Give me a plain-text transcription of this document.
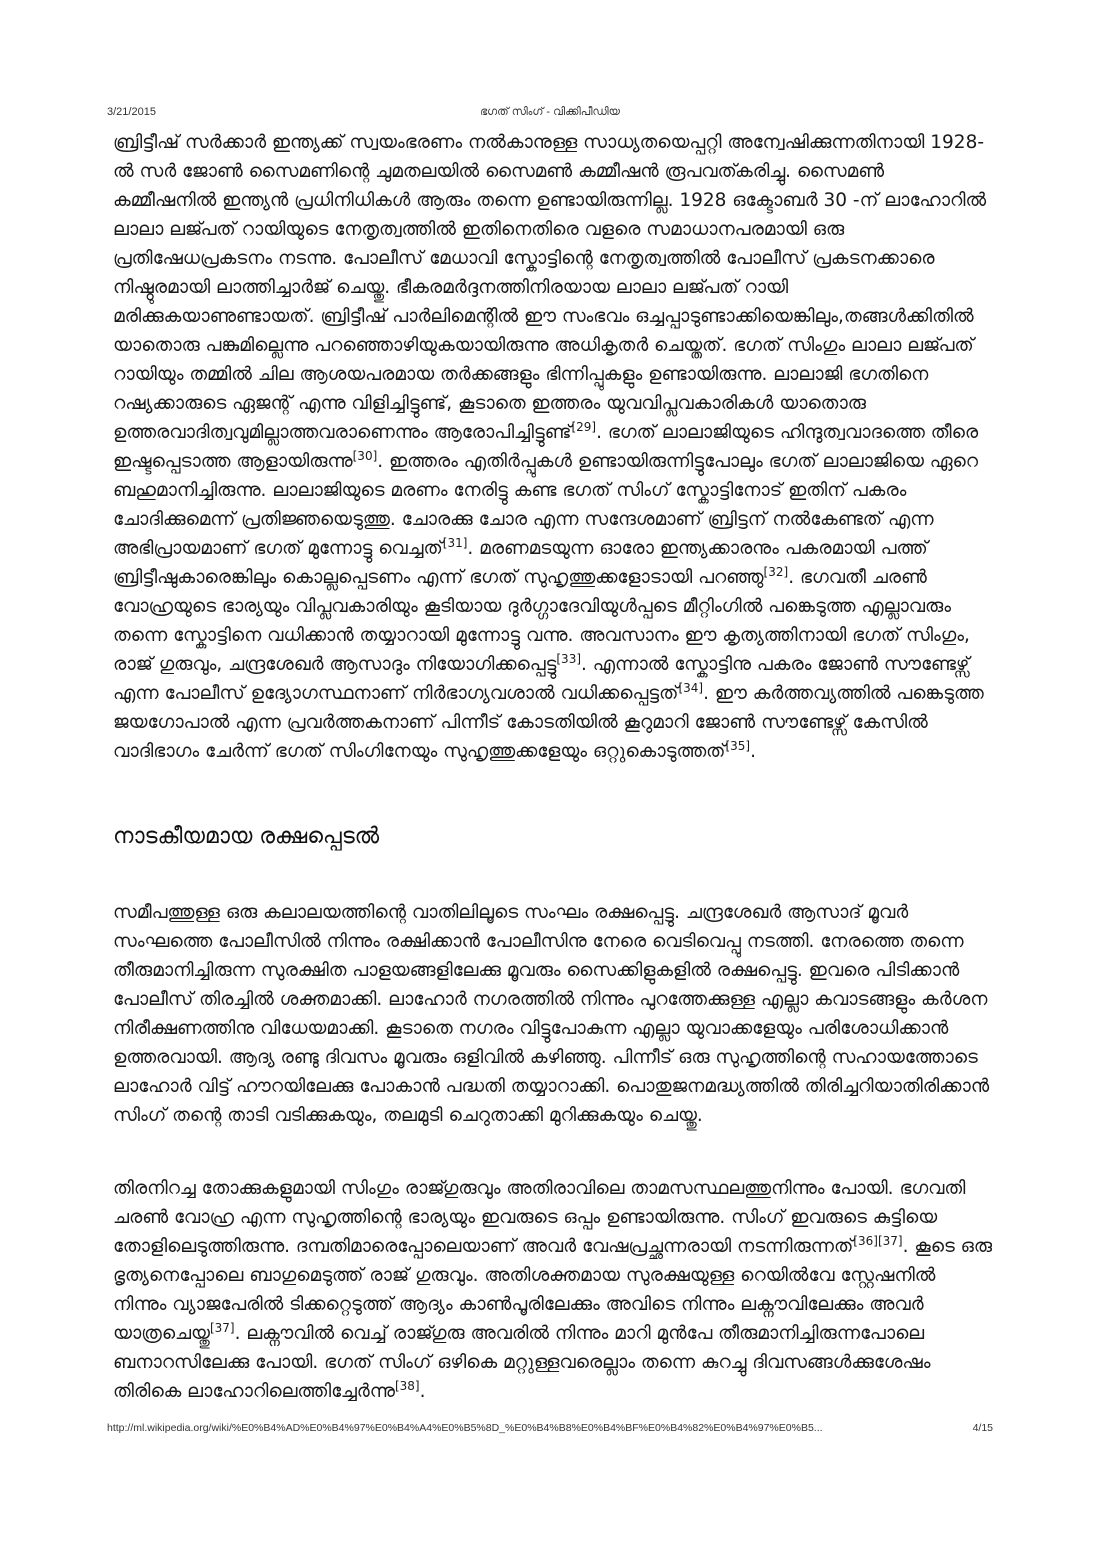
3/21/2015	ഭഗത് സിംഗ് - വിക്കിപീഡിയ

ബ്രിട്ടീഷ് സർക്കാർ ഇന്ത്യക്ക് സ്വയംഭരണം നൽകാനുള്ള സാധ്യതയെപ്പറ്റി അന്വേഷിക്കുന്നതിനായി 1928-ൽ സർ ജോൺ സൈമണിന്റെ ചുമതലയിൽ സൈമൺ കമ്മീഷൻ രൂപവത്കരിച്ചു. സൈമൺ കമ്മീഷനിൽ ഇന്ത്യൻ പ്രധിനിധികൾ ആരും തന്നെ ഉണ്ടായിരുന്നില്ല. 1928 ഒക്ടോബർ 30 -ന് ലാഹോറിൽ ലാലാ ലജ്പത് റായിയുടെ നേതൃത്വത്തിൽ ഇതിനെതിരെ വളരെ സമാധാനപരമായി ഒരു പ്രതിഷേധപ്രകടനം നടന്നു. പോലീസ് മേധാവി സ്കോട്ടിന്റെ നേതൃത്വത്തിൽ പോലീസ് പ്രകടനക്കാരെ നിഷ്ഠുരമായി ലാത്തിച്ചാർജ് ചെയ്തു. ഭീകരമർദ്ദനത്തിനിരയായ ലാലാ ലജ്പത് റായി മരിക്കുകയാണുണ്ടായത്. ബ്രിട്ടീഷ് പാർലിമെന്റിൽ ഈ സംഭവം ഒച്ചപ്പാടുണ്ടാക്കിയെങ്കിലും,തങ്ങൾക്കിതിൽ യാതൊരു പങ്കുമില്ലെന്നു പറഞ്ഞൊഴിയുകയായിരുന്നു അധികൃതർ ചെയ്തത്. ഭഗത് സിംഗും ലാലാ ലജ്പത് റായിയും തമ്മിൽ ചില ആശയപരമായ തർക്കങ്ങളും ഭിന്നിപ്പുകളും ഉണ്ടായിരുന്നു. ലാലാജി ഭഗതിനെ റഷ്യക്കാരുടെ ഏജന്റ് എന്നു വിളിച്ചിട്ടുണ്ട്, കൂടാതെ ഇത്തരം യുവവിപ്ലവകാരികൾ യാതൊരു ഉത്തരവാദിത്വവുമില്ലാത്തവരാണെന്നും ആരോപിച്ചിട്ടുണ്ട്[29]. ഭഗത് ലാലാജിയുടെ ഹിന്ദുത്വവാദത്തെ തീരെ ഇഷ്ടപ്പെടാത്ത ആളായിരുന്നു[30]. ഇത്തരം എതിർപ്പുകൾ ഉണ്ടായിരുന്നിട്ടുപോലും ഭഗത് ലാലാജിയെ ഏറെ ബഹുമാനിച്ചിരുന്നു. ലാലാജിയുടെ മരണം നേരിട്ടു കണ്ട ഭഗത് സിംഗ് സ്കോട്ടിനോട് ഇതിന് പകരം ചോദിക്കുമെന്ന് പ്രതിജ്ഞയെടുത്തു. ചോരക്കു ചോര എന്ന സന്ദേശമാണ് ബ്രിട്ടന് നൽകേണ്ടത് എന്ന അഭിപ്രായമാണ് ഭഗത് മുന്നോട്ടു വെച്ചത്[31]. മരണമടയുന്ന ഓരോ ഇന്ത്യക്കാരനും പകരമായി പത്ത് ബ്രിട്ടീഷുകാരെങ്കിലും കൊല്ലപ്പെടണം എന്ന് ഭഗത് സുഹൃത്തുക്കളോടായി പറഞ്ഞു[32]. ഭഗവതീ ചരൺ വോഹ്രയുടെ ഭാര്യയും വിപ്ലവകാരിയും കൂടിയായ ദുർഗ്ഗാദേവിയുൾപ്പടെ മീറ്റിംഗിൽ പങ്കെടുത്ത എല്ലാവരും തന്നെ സ്കോട്ടിനെ വധിക്കാൻ തയ്യാറായി മുന്നോട്ടു വന്നു. അവസാനം ഈ കൃത്യത്തിനായി ഭഗത് സിംഗും, രാജ് ഗുരുവും, ചന്ദ്രശേഖർ ആസാദും നിയോഗിക്കപ്പെട്ടു[33]. എന്നാൽ സ്കോട്ടിനു പകരം ജോൺ സൗണ്ടേഴ്സ് എന്ന പോലീസ് ഉദ്യോഗസ്ഥനാണ് നിർഭാഗ്യവശാൽ വധിക്കപ്പെട്ടത്[34]. ഈ കർത്തവ്യത്തിൽ പങ്കെടുത്ത ജയഗോപാൽ എന്ന പ്രവർത്തകനാണ് പിന്നീട് കോടതിയിൽ കൂറുമാറി ജോൺ സൗണ്ടേഴ്സ് കേസിൽ വാദിഭാഗം ചേർന്ന് ഭഗത് സിംഗിനേയും സുഹൃത്തുക്കളേയും ഒറ്റുകൊടുത്തത്[35].

നാടകീയമായ രക്ഷപ്പെടൽ

സമീപത്തുള്ള ഒരു കലാലയത്തിന്റെ വാതിലിലൂടെ സംഘം രക്ഷപ്പെട്ടു. ചന്ദ്രശേഖർ ആസാദ് മൂവർ സംഘത്തെ പോലീസിൽ നിന്നും രക്ഷിക്കാൻ പോലീസിനു നേരെ വെടിവെപ്പു നടത്തി. നേരത്തെ തന്നെ തീരുമാനിച്ചിരുന്ന സുരക്ഷിത പാളയങ്ങളിലേക്കു മൂവരും സൈക്കിളുകളിൽ രക്ഷപ്പെട്ടു. ഇവരെ പിടിക്കാൻ പോലീസ് തിരച്ചിൽ ശക്തമാക്കി. ലാഹോർ നഗരത്തിൽ നിന്നും പുറത്തേക്കുള്ള എല്ലാ കവാടങ്ങളും കർശന നിരീക്ഷണത്തിനു വിധേയമാക്കി. കൂടാതെ നഗരം വിട്ടുപോകുന്ന എല്ലാ യുവാക്കളേയും പരിശോധിക്കാൻ ഉത്തരവായി. ആദ്യ രണ്ടു ദിവസം മൂവരും ഒളിവിൽ കഴിഞ്ഞു. പിന്നീട് ഒരു സുഹൃത്തിന്റെ സഹായത്തോടെ ലാഹോർ വിട്ട് ഹൗറയിലേക്കു പോകാൻ പദ്ധതി തയ്യാറാക്കി. പൊതുജനമദ്ധ്യത്തിൽ തിരിച്ചറിയാതിരിക്കാൻ സിംഗ് തന്റെ താടി വടിക്കുകയും, തലമുടി ചെറുതാക്കി മുറിക്കുകയും ചെയ്തു.

തിരനിറച്ച തോക്കുകളുമായി സിംഗും രാജ്ഗുരുവും അതിരാവിലെ താമസസ്ഥലത്തുനിന്നും പോയി. ഭഗവതി ചരൺ വോഹ്ര എന്ന സുഹൃത്തിന്റെ ഭാര്യയും ഇവരുടെ ഒപ്പം ഉണ്ടായിരുന്നു. സിംഗ് ഇവരുടെ കുട്ടിയെ തോളിലെടുത്തിരുന്നു. ദമ്പതിമാരെപ്പോലെയാണ് അവർ വേഷപ്രച്ഛന്നരായി നടന്നിരുന്നത്[36][37]. കൂടെ ഒരു ഭൃത്യനെപ്പോലെ ബാഗുമെടുത്ത് രാജ് ഗുരുവും. അതിശക്തമായ സുരക്ഷയുള്ള റെയിൽവേ സ്റ്റേഷനിൽ നിന്നും വ്യാജപേരിൽ ടിക്കറ്റെടുത്ത് ആദ്യം കാൺപൂരിലേക്കും അവിടെ നിന്നും ലക്നൗവിലേക്കും അവർ യാത്രചെയ്തു[37]. ലക്നൗവിൽ വെച്ച് രാജ്ഗുരു അവരിൽ നിന്നും മാറി മുൻപേ തീരുമാനിച്ചിരുന്നപോലെ ബനാറസിലേക്കു പോയി. ഭഗത് സിംഗ് ഒഴികെ മറ്റുള്ളവരെല്ലാം തന്നെ കുറച്ചു ദിവസങ്ങൾക്കുശേഷം തിരികെ ലാഹോറിലെത്തിച്ചേർന്നു[38].

http://ml.wikipedia.org/wiki/%E0%B4%AD%E0%B4%97%E0%B4%A4%E0%B5%8D_%E0%B4%B8%E0%B4%BF%E0%B4%82%E0%B4%97%E0%B5...	4/15
